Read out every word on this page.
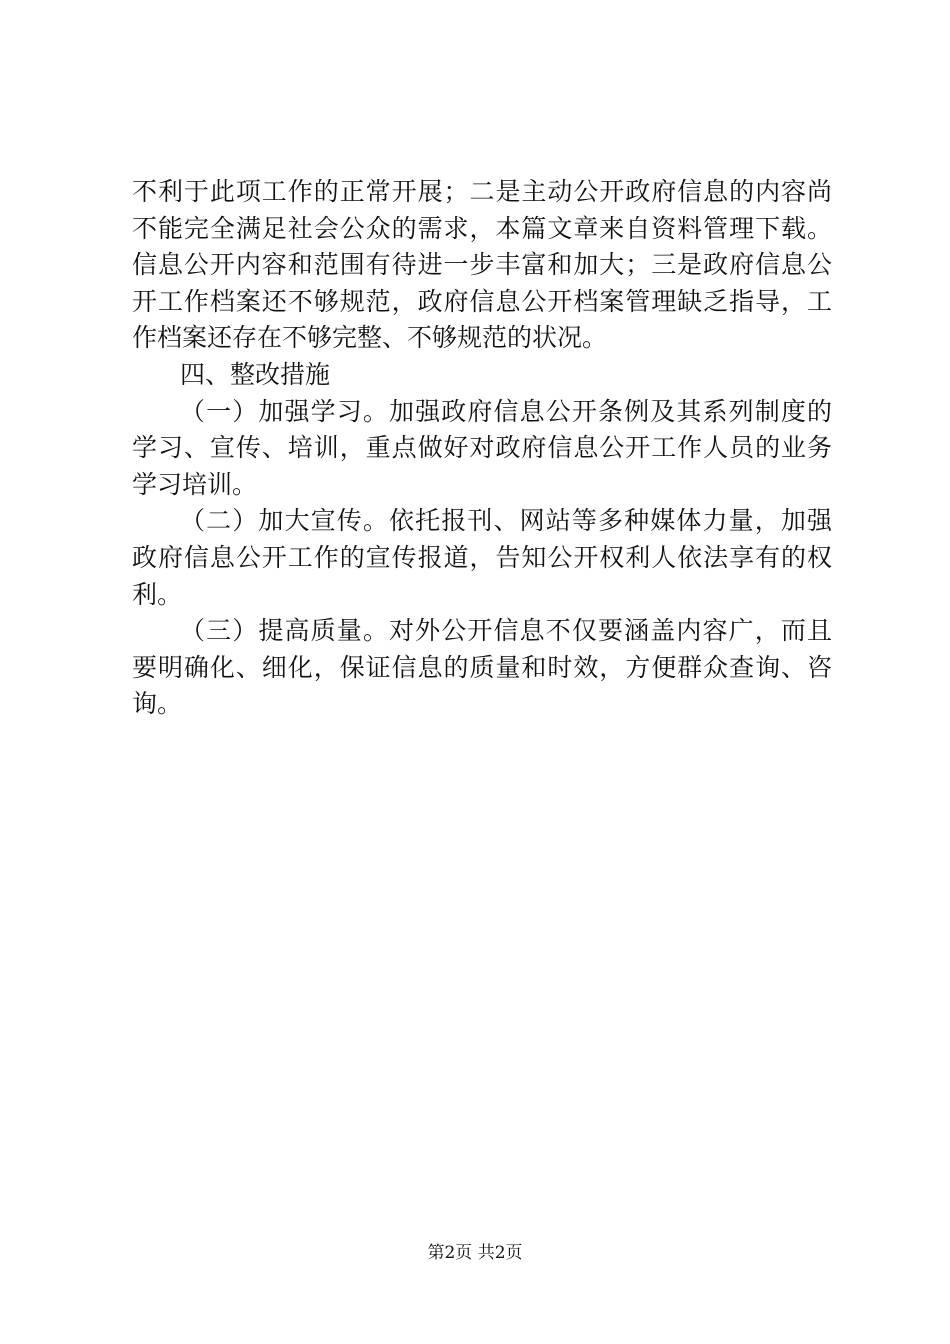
不利于此项工作的正常开展；二是主动公开政府信息的内容尚
不能完全满足社会公众的需求，本篇文章来自资料管理下载。
信息公开内容和范围有待进一步丰富和加大；三是政府信息公
开工作档案还不够规范，政府信息公开档案管理缺乏指导，工
作档案还存在不够完整、不够规范的状况。
四、整改措施
（一）加强学习。加强政府信息公开条例及其系列制度的
学习、宣传、培训，重点做好对政府信息公开工作人员的业务
学习培训。
（二）加大宣传。依托报刊、网站等多种媒体力量，加强
政府信息公开工作的宣传报道，告知公开权利人依法享有的权
利。
（三）提高质量。对外公开信息不仅要涵盖内容广，而且
要明确化、细化，保证信息的质量和时效，方便群众查询、咨
询。
第2页 共2页
